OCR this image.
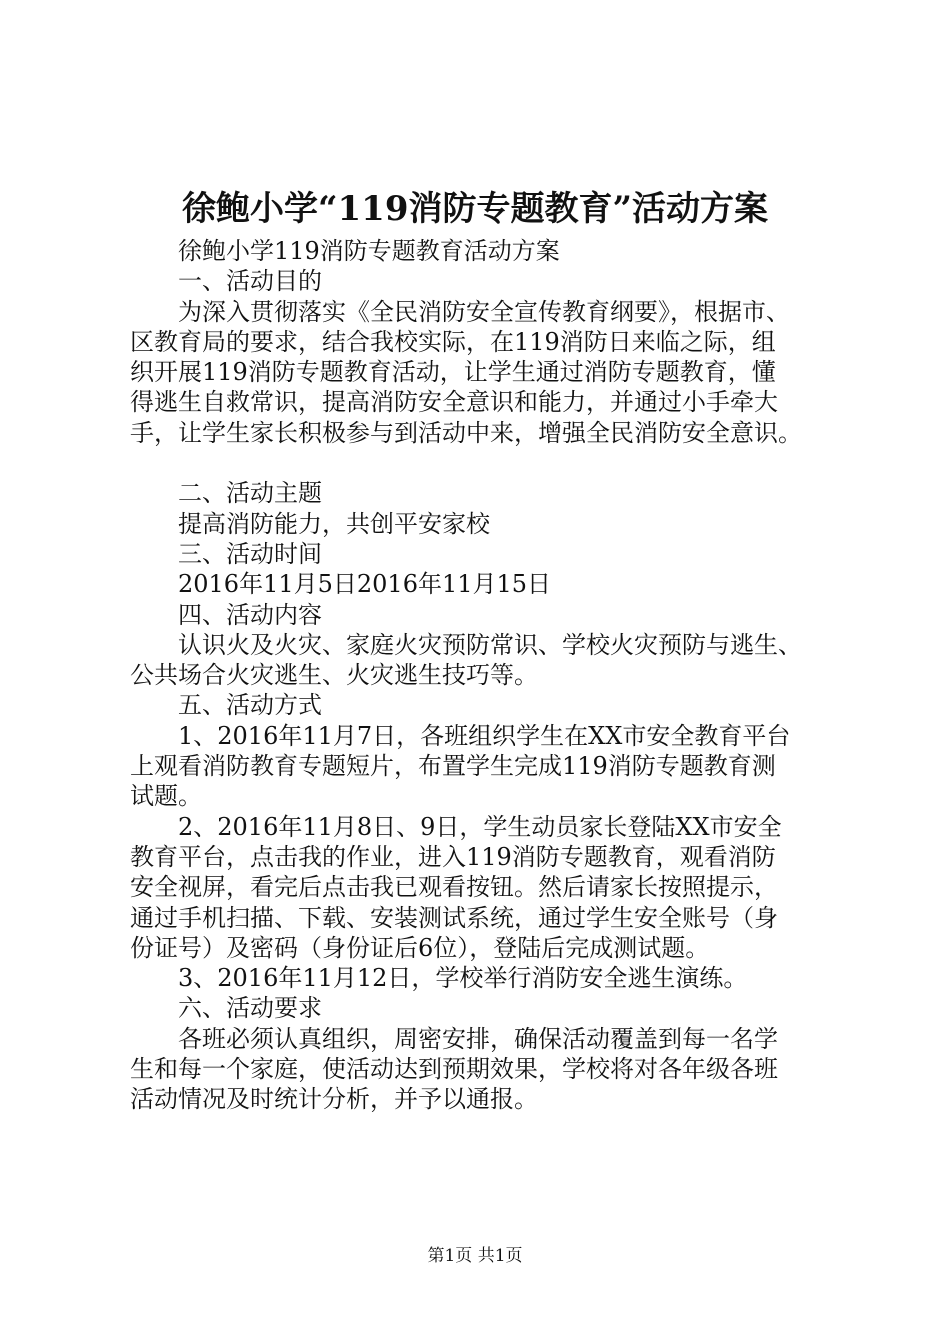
徐鲍小学“119消防专题教育”活动方案
徐鲍小学119消防专题教育活动方案
一、活动目的
为深入贯彻落实《全民消防安全宣传教育纲要》，根据市、
区教育局的要求，结合我校实际，在119消防日来临之际，组
织开展119消防专题教育活动，让学生通过消防专题教育，懂
得逃生自救常识，提高消防安全意识和能力，并通过小手牵大
手，让学生家长积极参与到活动中来，增强全民消防安全意识。
二、活动主题
提高消防能力，共创平安家校
三、活动时间
2016年11月5日2016年11月15日
四、活动内容
认识火及火灾、家庭火灾预防常识、学校火灾预防与逃生、
公共场合火灾逃生、火灾逃生技巧等。
五、活动方式
1、2016年11月7日，各班组织学生在XX市安全教育平台
上观看消防教育专题短片，布置学生完成119消防专题教育测
试题。
2、2016年11月8日、9日，学生动员家长登陆XX市安全
教育平台，点击我的作业，进入119消防专题教育，观看消防
安全视屏，看完后点击我已观看按钮。然后请家长按照提示，
通过手机扫描、下载、安装测试系统，通过学生安全账号（身
份证号）及密码（身份证后6位），登陆后完成测试题。
3、2016年11月12日，学校举行消防安全逃生演练。
六、活动要求
各班必须认真组织，周密安排，确保活动覆盖到每一名学
生和每一个家庭，使活动达到预期效果，学校将对各年级各班
活动情况及时统计分析，并予以通报。
第1页 共1页
